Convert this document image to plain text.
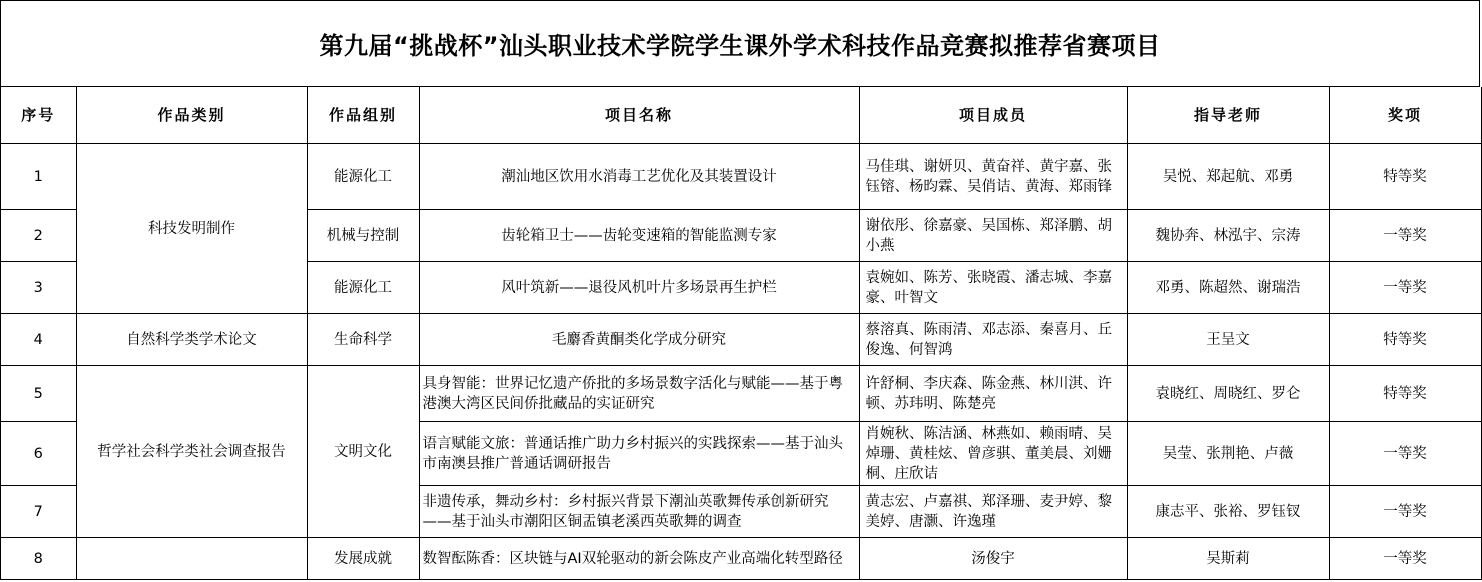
第九届“挑战杯”汕头职业技术学院学生课外学术科技作品竞赛拟推荐省赛项目
序号	作品类别	作品组别	项目名称	项目成员	指导老师	奖项
1	科技发明制作	能源化工	潮汕地区饮用水消毒工艺优化及其装置设计	马佳琪、谢妍贝、黄奋祥、黄宇嘉、张钰镕、杨昀霖、吴俏诘、黄海、郑雨锋	吴悦、郑起航、邓勇	特等奖
2		机械与控制	齿轮箱卫士——齿轮变速箱的智能监测专家	谢依彤、徐嘉豪、吴国栋、郑泽鹏、胡小燕	魏协奔、林泓宇、宗涛	一等奖
3		能源化工	风叶筑新——退役风机叶片多场景再生护栏	袁婉如、陈芳、张晓霞、潘志城、李嘉豪、叶智文	邓勇、陈超然、谢瑞浩	一等奖
4	自然科学类学术论文	生命科学	毛麝香黄酮类化学成分研究	蔡溶真、陈雨清、邓志添、秦喜月、丘俊逸、何智鸿	王呈文	特等奖
5	哲学社会科学类社会调查报告	文明文化	具身智能：世界记忆遗产侨批的多场景数字活化与赋能——基于粤港澳大湾区民间侨批藏品的实证研究	许舒桐、李庆森、陈金燕、林川淇、许顿、苏玮明、陈楚亮	袁晓红、周晓红、罗仑	特等奖
6			语言赋能文旅：普通话推广助力乡村振兴的实践探索——基于汕头市南澳县推广普通话调研报告	肖婉秋、陈洁涵、林燕如、赖雨晴、吴焯珊、黄桂炫、曾彦骐、董美晨、刘姗桐、庄欣诘	吴莹、张荆艳、卢薇	一等奖
7			非遗传承，舞动乡村：乡村振兴背景下潮汕英歌舞传承创新研究——基于汕头市潮阳区铜盂镇老溪西英歌舞的调查	黄志宏、卢嘉祺、郑泽珊、麦尹婷、黎美婷、唐灏、许逸瑾	康志平、张裕、罗钰钗	一等奖
8		发展成就	数智酝陈香：区块链与AI双轮驱动的新会陈皮产业高端化转型路径	汤俊宇	吴斯莉	一等奖
